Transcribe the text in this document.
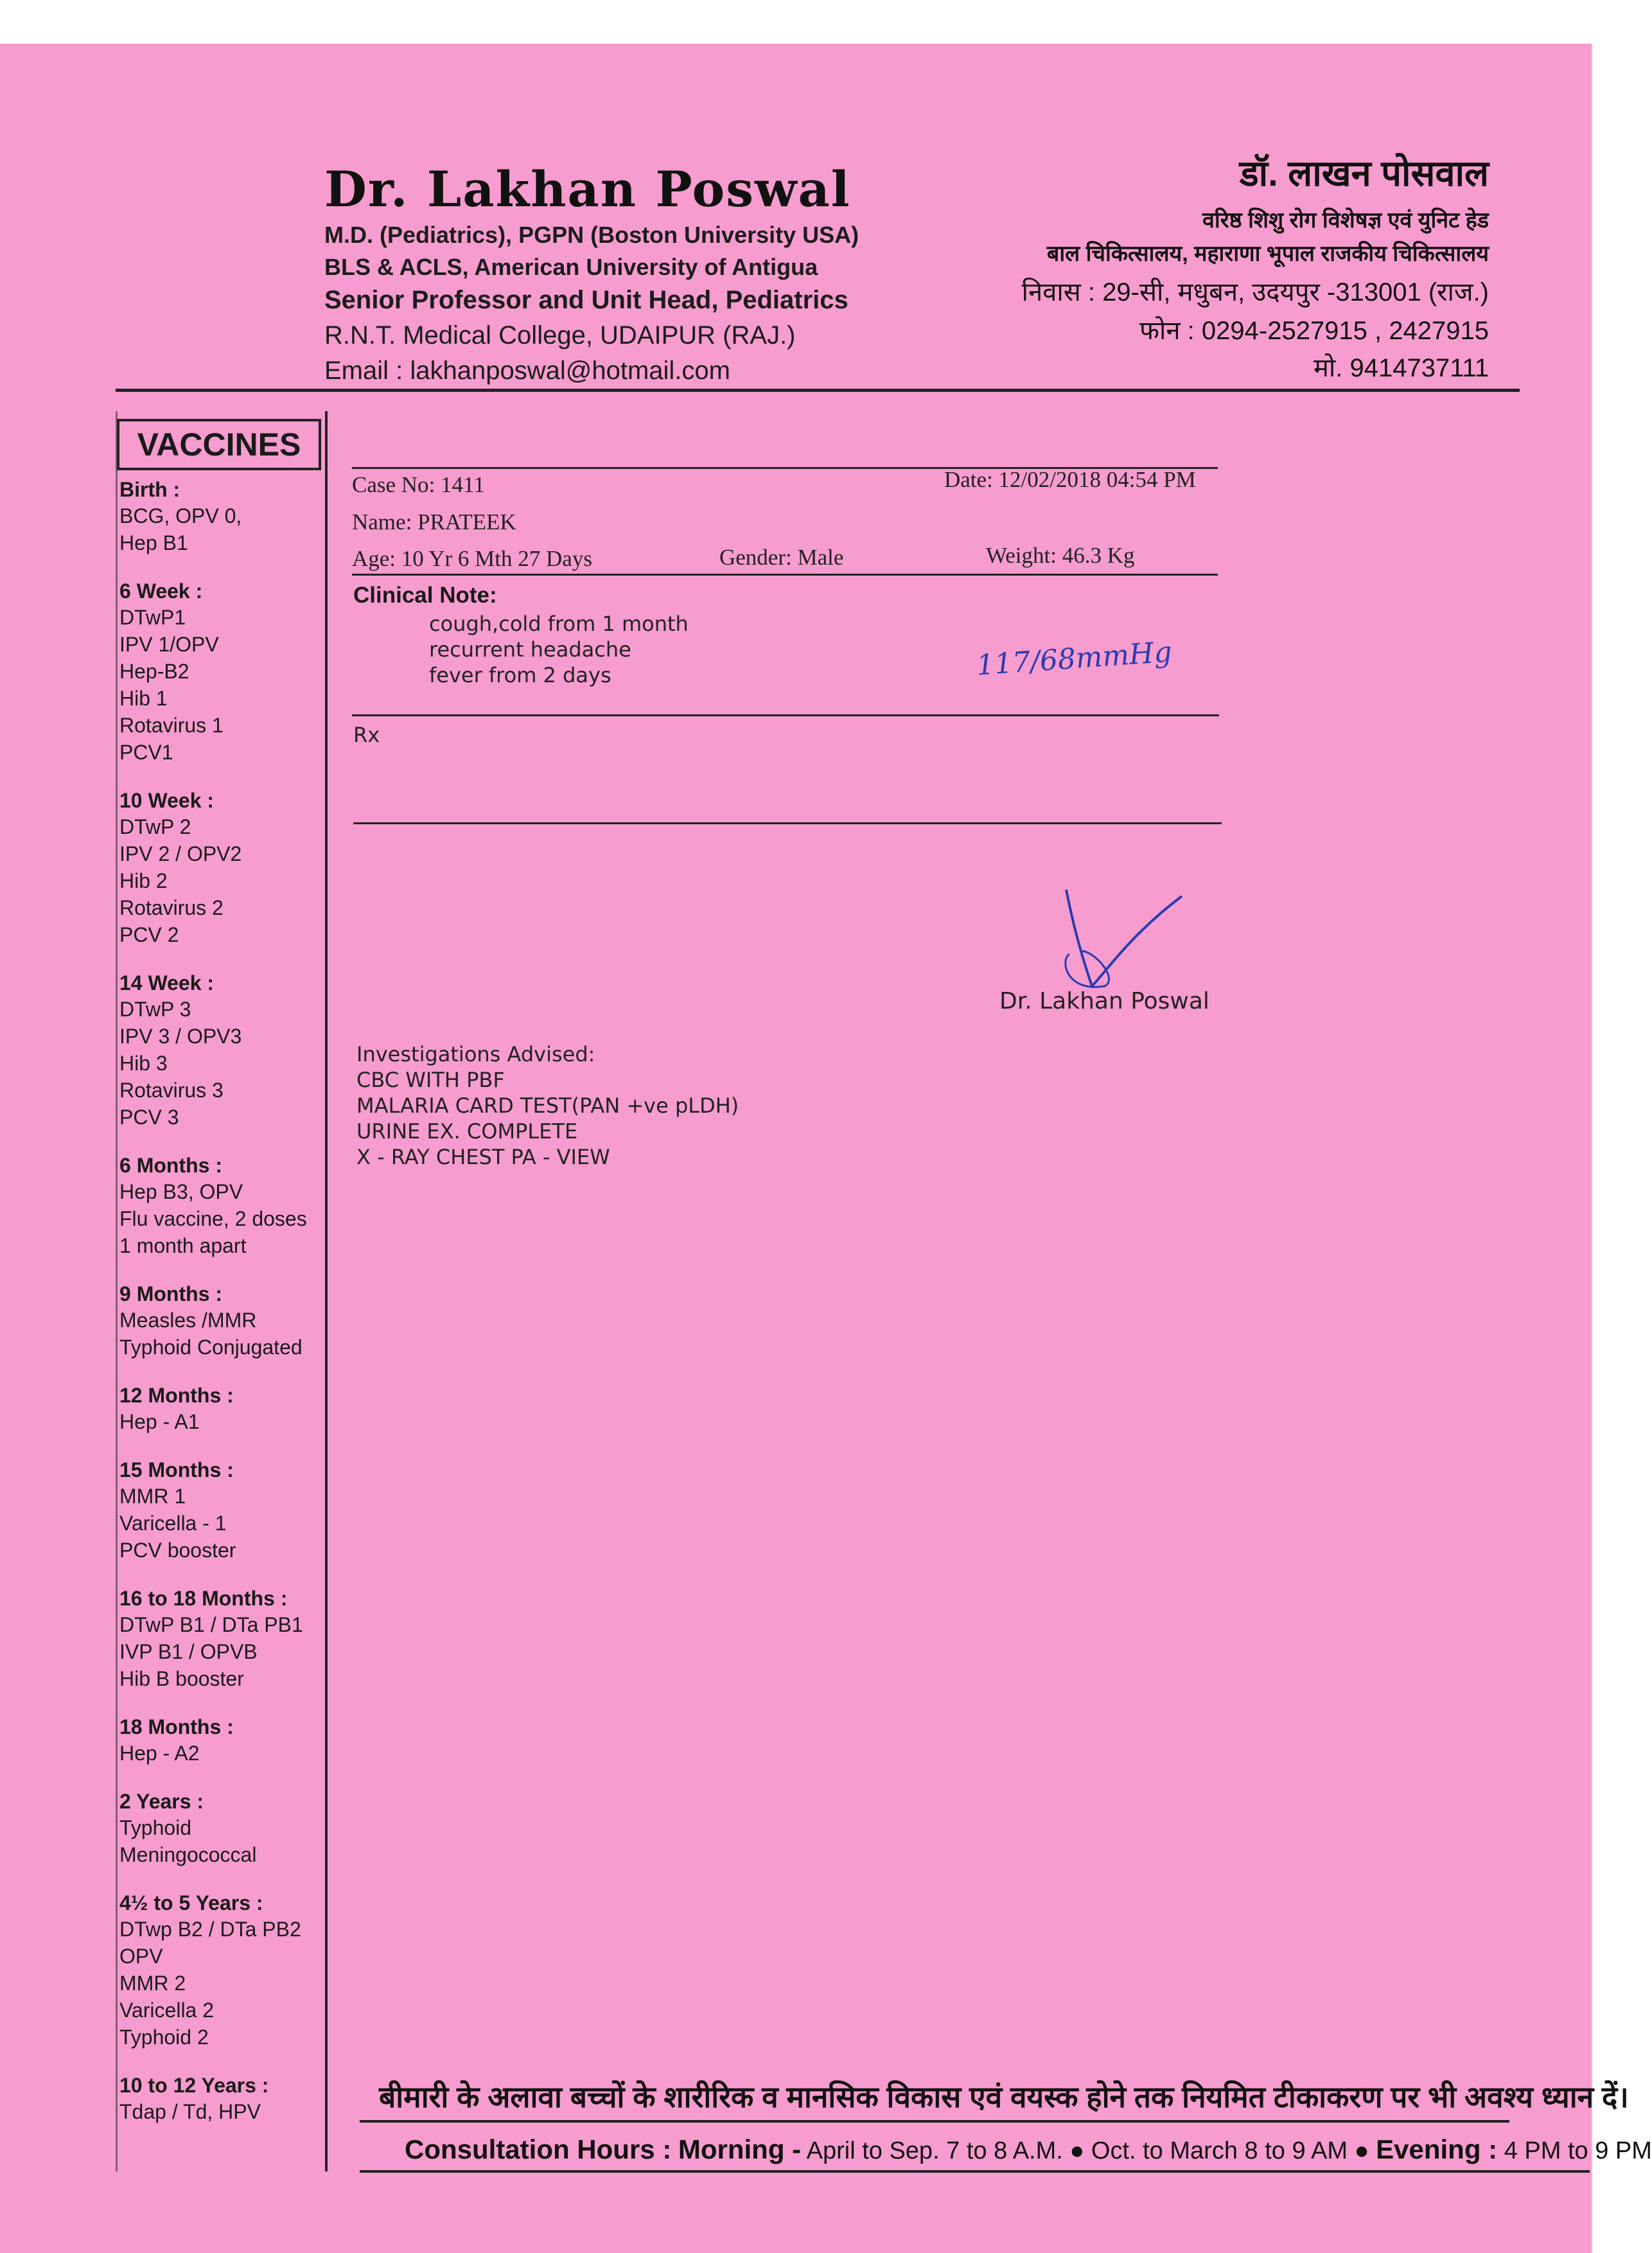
Dr. Lakhan Poswal
M.D. (Pediatrics), PGPN (Boston University USA)
BLS & ACLS, American University of Antigua
Senior Professor and Unit Head, Pediatrics
R.N.T. Medical College, UDAIPUR (RAJ.)
Email : lakhanposwal@hotmail.com
डॉ. लाखन पोसवाल
वरिष्ठ शिशु रोग विशेषज्ञ एवं युनिट हेड
बाल चिकित्सालय, महाराणा भूपाल राजकीय चिकित्सालय
निवास : 29-सी, मधुबन, उदयपुर -313001 (राज.)
फोन : 0294-2527915 , 2427915
मो. 9414737111
VACCINES
Birth :
BCG, OPV 0,
Hep B1
6 Week :
DTwP1
IPV 1/OPV
Hep-B2
Hib 1
Rotavirus 1
PCV1
10 Week :
DTwP 2
IPV 2 / OPV2
Hib 2
Rotavirus 2
PCV 2
14 Week :
DTwP 3
IPV 3 / OPV3
Hib 3
Rotavirus 3
PCV 3
6 Months :
Hep B3, OPV
Flu vaccine, 2 doses
1 month apart
9 Months :
Measles /MMR
Typhoid Conjugated
12 Months :
Hep - A1
15 Months :
MMR 1
Varicella - 1
PCV booster
16 to 18 Months :
DTwP B1 / DTa PB1
IVP B1 / OPVB
Hib B booster
18 Months :
Hep - A2
2 Years :
Typhoid
Meningococcal
4½ to 5 Years :
DTwp B2 / DTa PB2
OPV
MMR 2
Varicella 2
Typhoid 2
10 to 12 Years :
Tdap / Td, HPV
Case No: 1411	Date: 12/02/2018 04:54 PM
Name: PRATEEK
Age: 10 Yr 6 Mth 27 Days	Gender: Male	Weight: 46.3 Kg
Clinical Note:
cough,cold from 1 month
recurrent headache
fever from 2 days	117/68mmHg
Rx
Dr. Lakhan Poswal
Investigations Advised:
CBC WITH PBF
MALARIA CARD TEST(PAN +ve pLDH)
URINE EX. COMPLETE
X - RAY CHEST PA - VIEW
बीमारी के अलावा बच्चों के शारीरिक व मानसिक विकास एवं वयस्क होने तक नियमित टीकाकरण पर भी अवश्य ध्यान दें।
Consultation Hours : Morning - April to Sep. 7 to 8 A.M. ● Oct. to March 8 to 9 AM ● Evening : 4 PM to 9 PM
